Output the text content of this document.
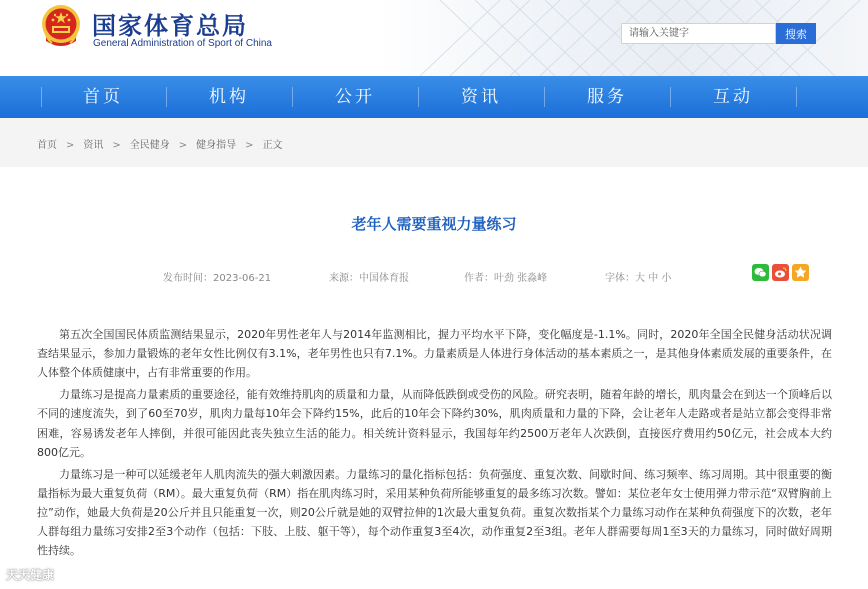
国家体育总局
General Administration of Sport of China
请输入关键字
搜索
首页	机构	公开	资讯	服务	互动
首页 > 资讯 > 全民健身 > 健身指导 > 正文
老年人需要重视力量练习
发布时间：2023-06-21	来源：中国体育报	作者：叶劲 张淼峰	字体：大 中 小

第五次全国国民体质监测结果显示，2020年男性老年人与2014年监测相比，握力平均水平下降，变化幅度是-1.1%。同时，2020年全国全民健身活动状况调查结果显示，参加力量锻炼的老年女性比例仅有3.1%，老年男性也只有7.1%。力量素质是人体进行身体活动的基本素质之一，是其他身体素质发展的重要条件，在人体整个体质健康中，占有非常重要的作用。

力量练习是提高力量素质的重要途径，能有效维持肌肉的质量和力量，从而降低跌倒或受伤的风险。研究表明，随着年龄的增长，肌肉量会在到达一个顶峰后以不同的速度流失，到了60至70岁，肌肉力量每10年会下降约15%，此后的10年会下降约30%，肌肉质量和力量的下降，会让老年人走路或者是站立都会变得非常困难，容易诱发老年人摔倒，并很可能因此丧失独立生活的能力。相关统计资料显示，我国每年约2500万老年人次跌倒，直接医疗费用约50亿元，社会成本大约800亿元。

力量练习是一种可以延缓老年人肌肉流失的强大刺激因素。力量练习的量化指标包括：负荷强度、重复次数、间歇时间、练习频率、练习周期。其中很重要的衡量指标为最大重复负荷（RM）。最大重复负荷（RM）指在肌肉练习时，采用某种负荷所能够重复的最多练习次数。譬如：某位老年女士使用弹力带示范“双臂胸前上拉”动作，她最大负荷是20公斤并且只能重复一次，则20公斤就是她的双臂拉伸的1次最大重复负荷。重复次数指某个力量练习动作在某种负荷强度下的次数，老年人群每组力量练习安排2至3个动作（包括：下肢、上肢、躯干等），每个动作重复3至4次，动作重复2至3组。老年人群需要每周1至3天的力量练习，同时做好周期性持续。

天天健康
